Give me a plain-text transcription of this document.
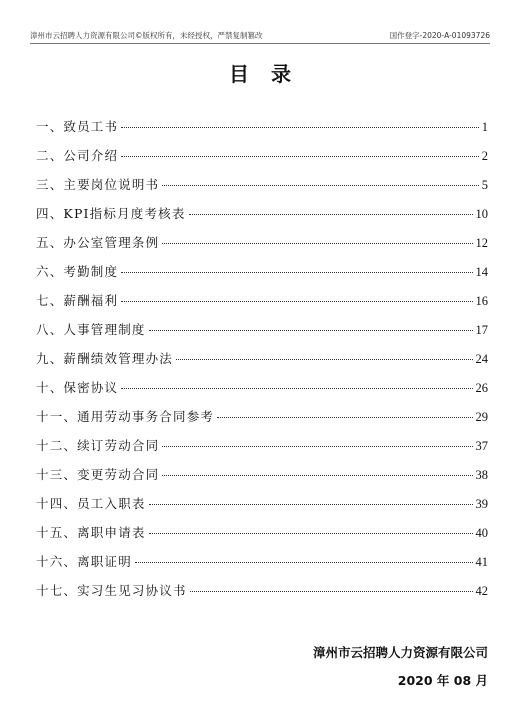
漳州市云招聘人力资源有限公司©版权所有，未经授权，严禁复制篡改	国作登字-2020-A-01093726
目录
一、致员工书	1
二、公司介绍	2
三、主要岗位说明书	5
四、KPI指标月度考核表	10
五、办公室管理条例	12
六、考勤制度	14
七、薪酬福利	16
八、人事管理制度	17
九、薪酬绩效管理办法	24
十、保密协议	26
十一、通用劳动事务合同参考	29
十二、续订劳动合同	37
十三、变更劳动合同	38
十四、员工入职表	39
十五、离职申请表	40
十六、离职证明	41
十七、实习生见习协议书	42
漳州市云招聘人力资源有限公司
2020 年 08 月
